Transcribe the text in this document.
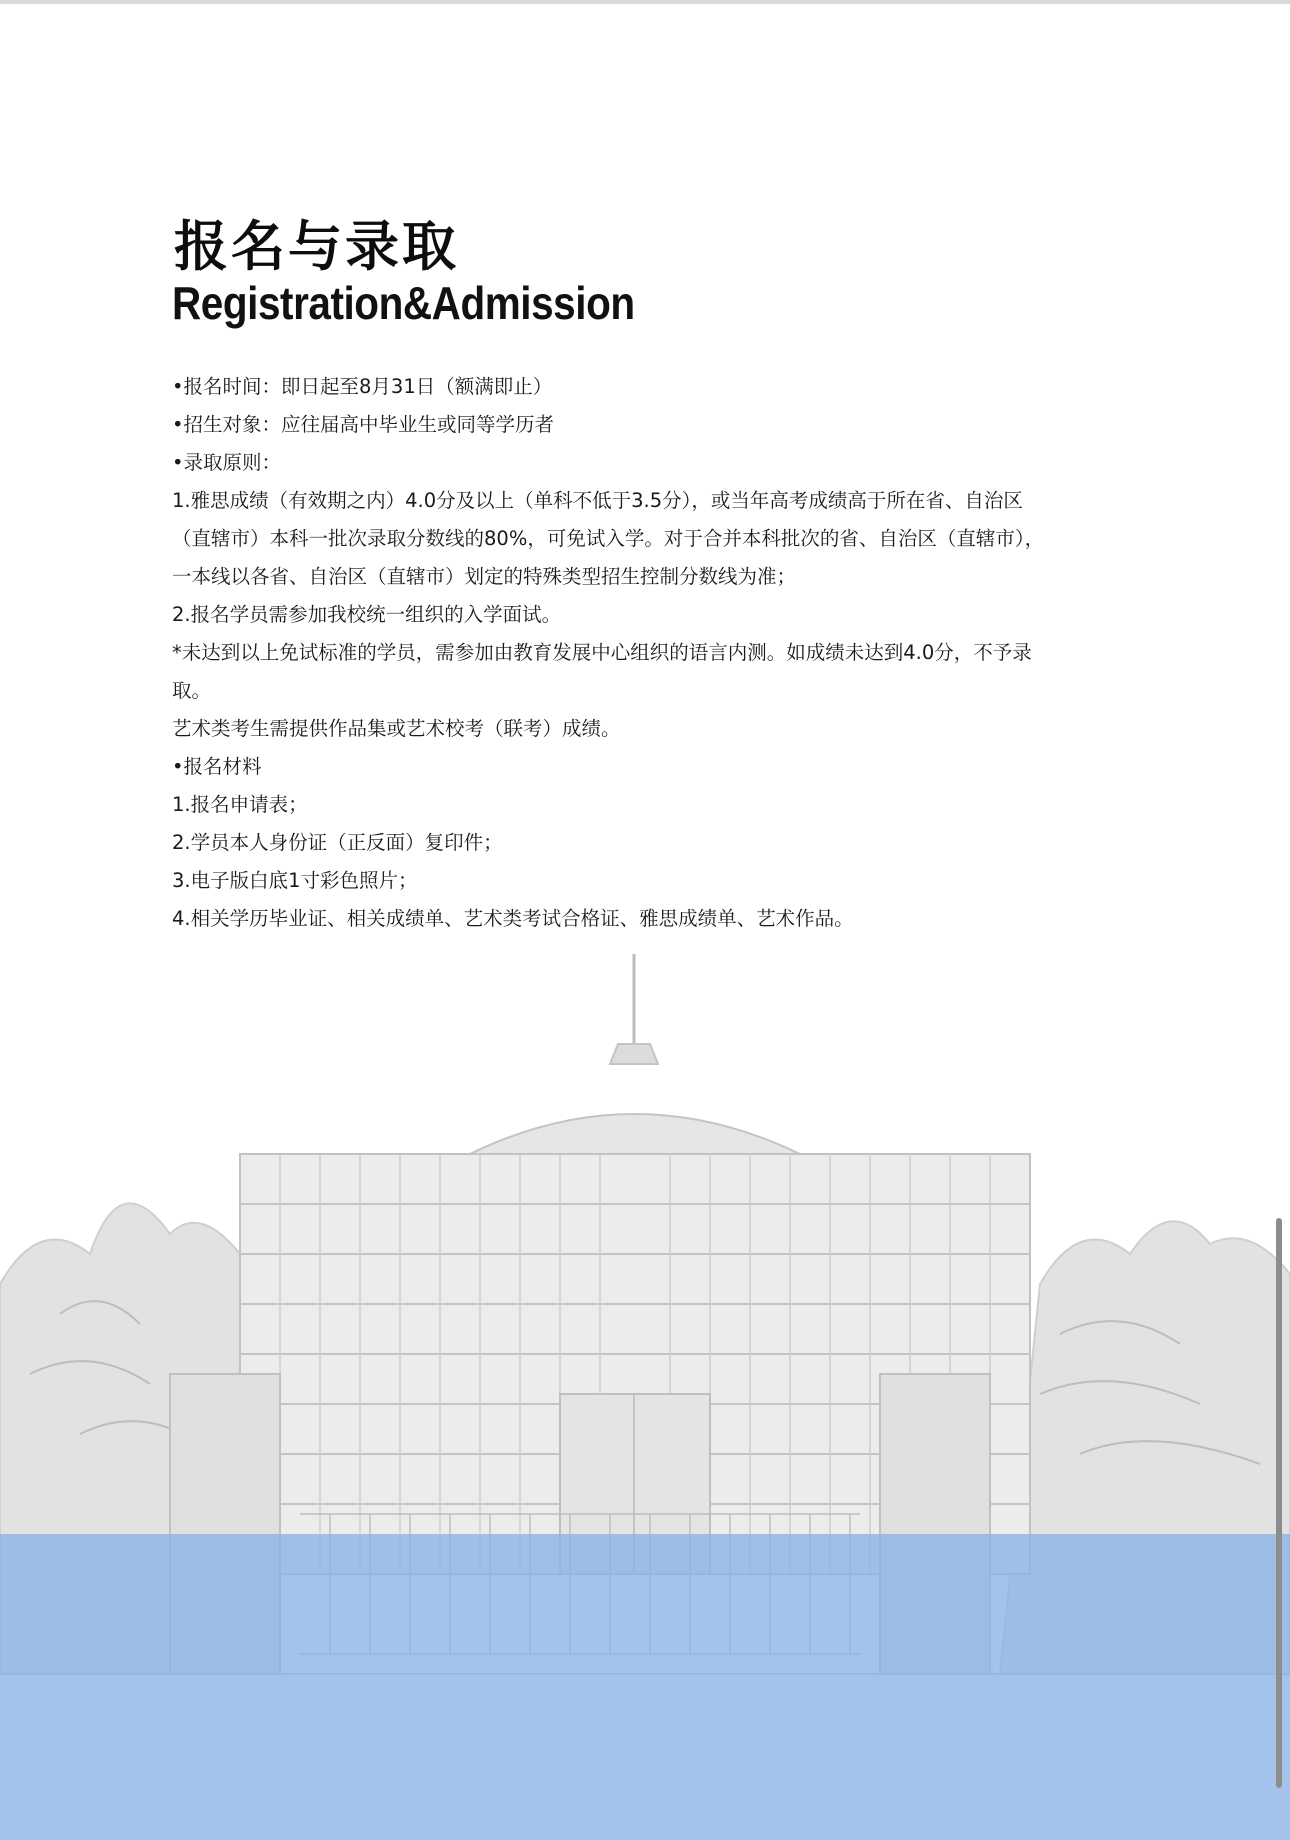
报名与录取
Registration&Admission

•报名时间：即日起至8月31日（额满即止）

•招生对象：应往届高中毕业生或同等学历者

•录取原则：

1.雅思成绩（有效期之内）4.0分及以上（单科不低于3.5分），或当年高考成绩高于所在省、自治区

（直辖市）本科一批次录取分数线的80%，可免试入学。对于合并本科批次的省、自治区（直辖市），

一本线以各省、自治区（直辖市）划定的特殊类型招生控制分数线为准；

2.报名学员需参加我校统一组织的入学面试。

*未达到以上免试标准的学员，需参加由教育发展中心组织的语言内测。如成绩未达到4.0分，不予录

取。

艺术类考生需提供作品集或艺术校考（联考）成绩。

•报名材料

1.报名申请表；

2.学员本人身份证（正反面）复印件；

3.电子版白底1寸彩色照片；

4.相关学历毕业证、相关成绩单、艺术类考试合格证、雅思成绩单、艺术作品。
